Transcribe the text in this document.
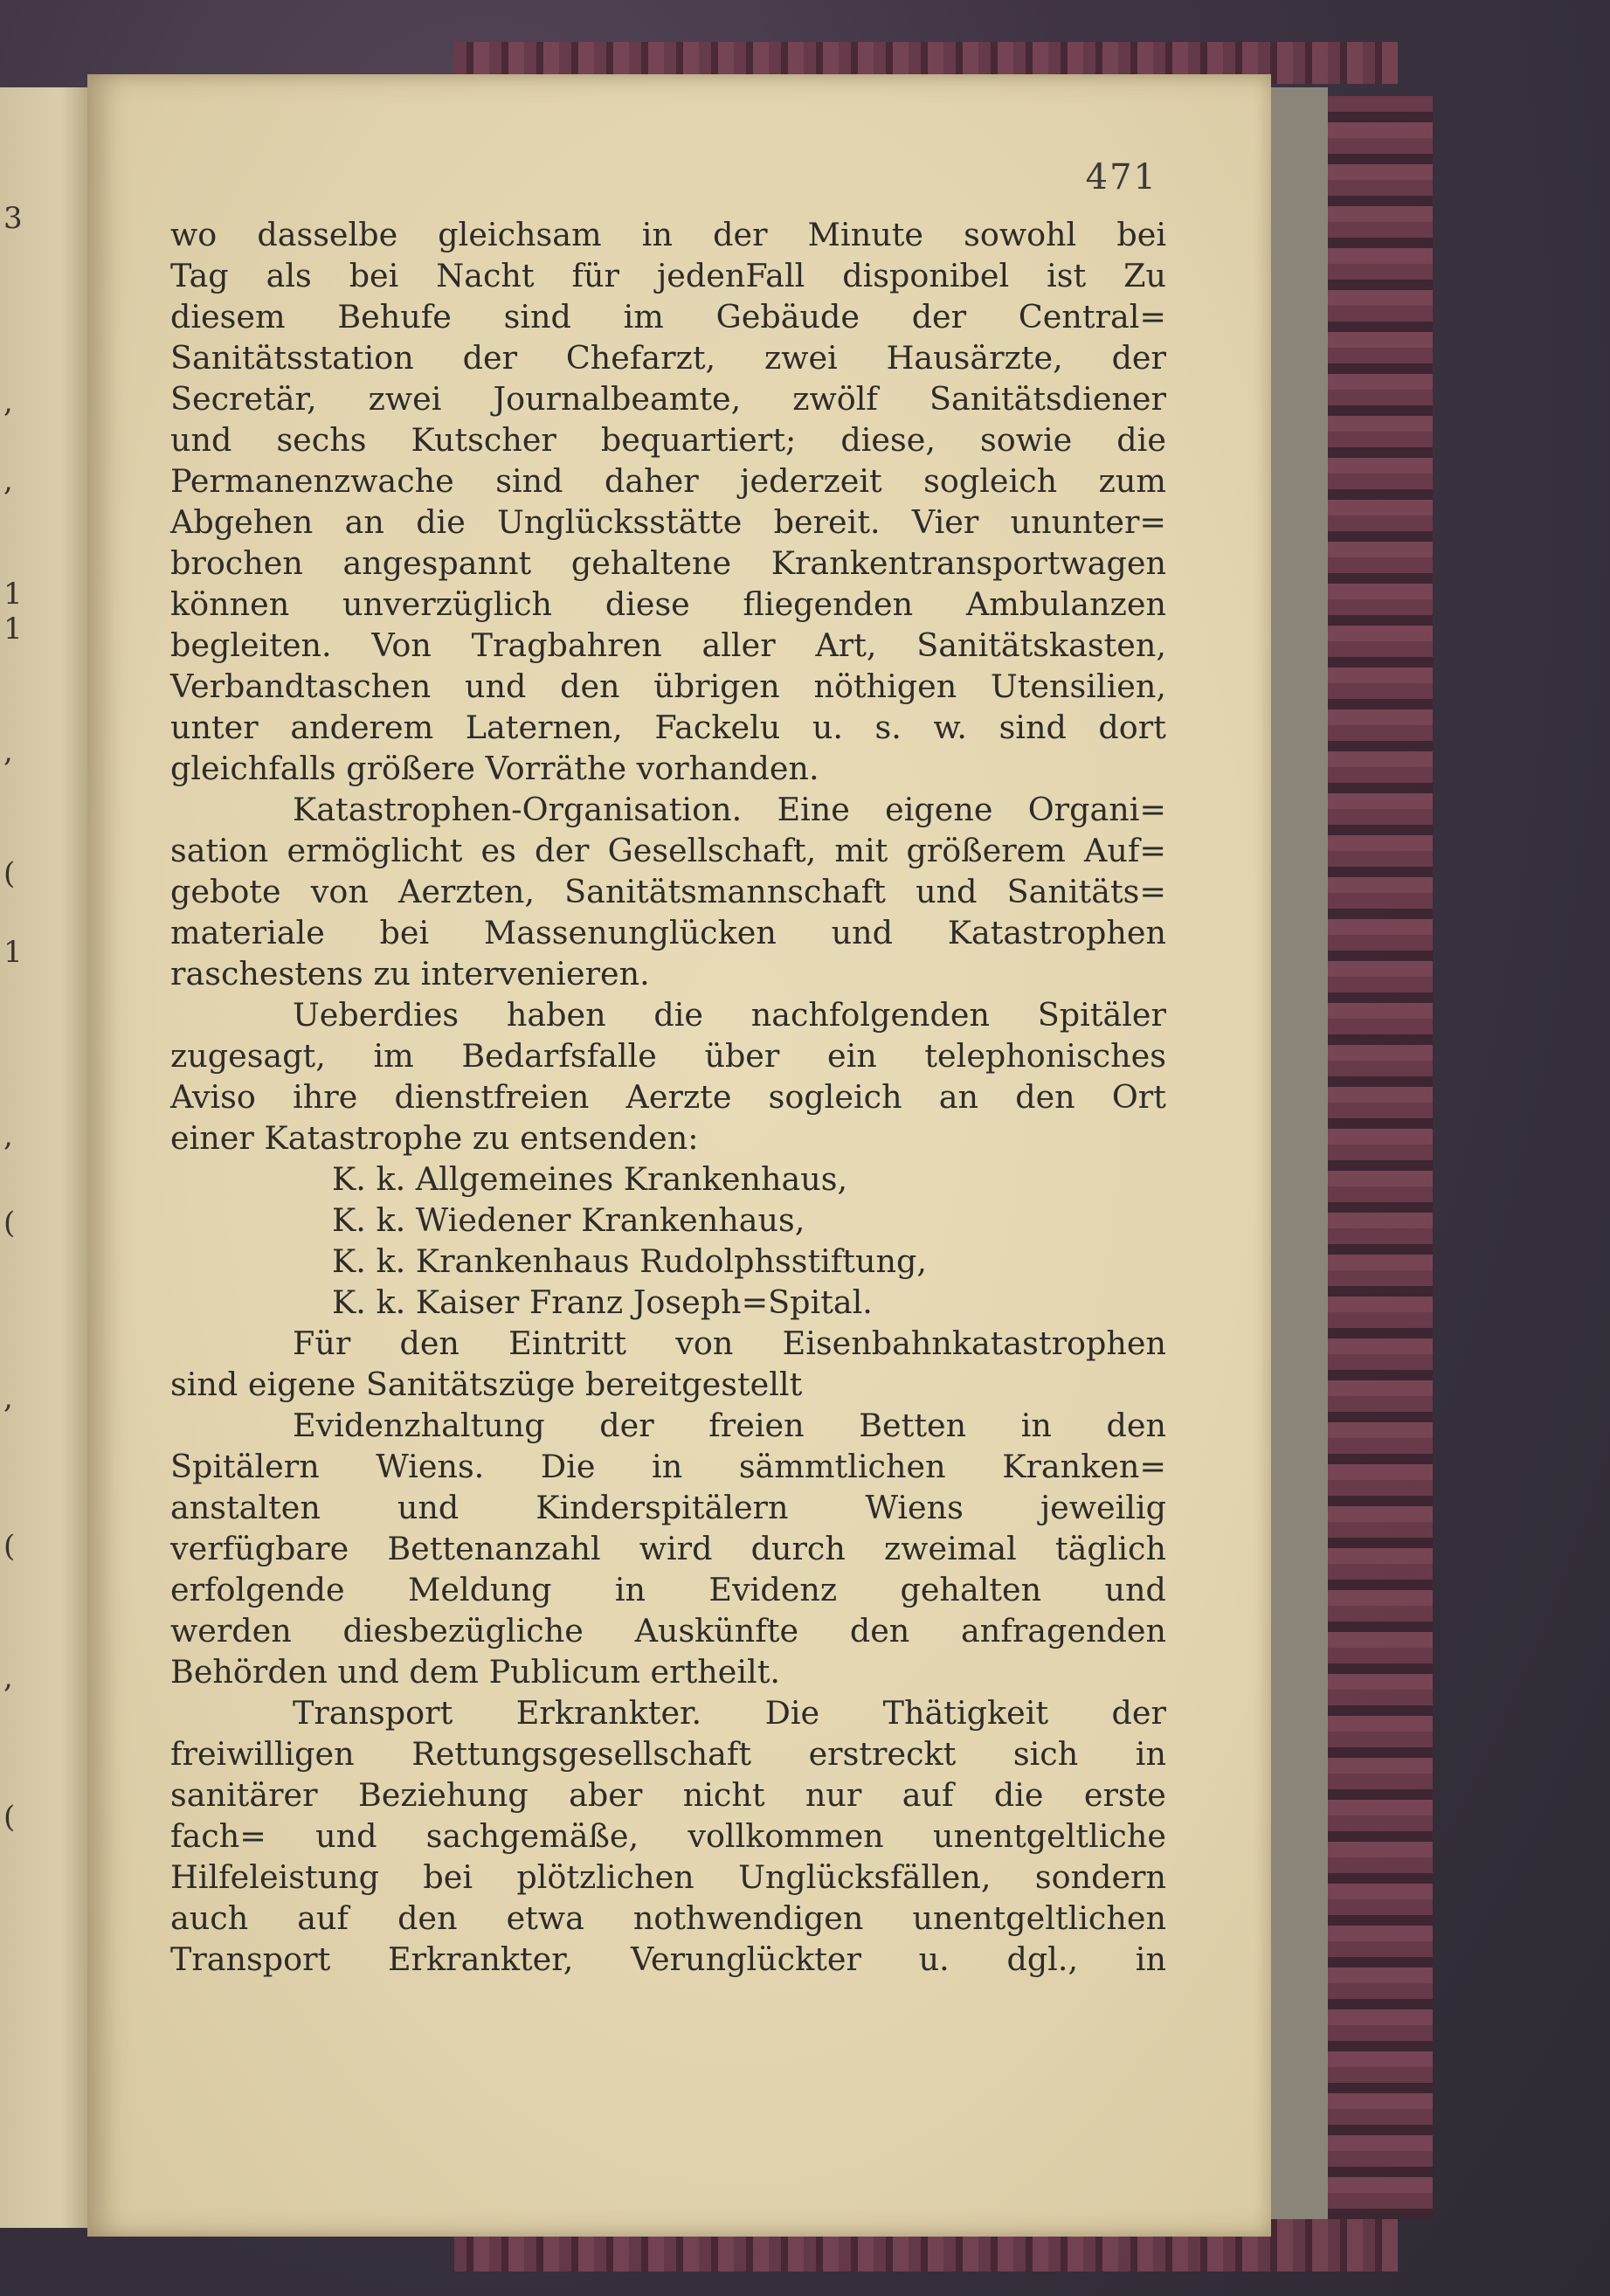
3
,
,
1
1
,
(
1
,
(
,
(
,
(
471
wo dasselbe gleichsam in der Minute sowohl bei
Tag als bei Nacht für jedenFall disponibel ist Zu
diesem Behufe sind im Gebäude der Central=
Sanitätsstation der Chefarzt, zwei Hausärzte, der
Secretär, zwei Journalbeamte, zwölf Sanitätsdiener
und sechs Kutscher bequartiert; diese, sowie die
Permanenzwache sind daher jederzeit sogleich zum
Abgehen an die Unglücksstätte bereit. Vier ununter=
brochen angespannt gehaltene Krankentransportwagen
können unverzüglich diese fliegenden Ambulanzen
begleiten. Von Tragbahren aller Art, Sanitätskasten,
Verbandtaschen und den übrigen nöthigen Utensilien,
unter anderem Laternen, Fackelu u. s. w. sind dort
gleichfalls größere Vorräthe vorhanden.
Katastrophen-Organisation. Eine eigene Organi=
sation ermöglicht es der Gesellschaft, mit größerem Auf=
gebote von Aerzten, Sanitätsmannschaft und Sanitäts=
materiale bei Massenunglücken und Katastrophen
raschestens zu intervenieren.
Ueberdies haben die nachfolgenden Spitäler
zugesagt, im Bedarfsfalle über ein telephonisches
Aviso ihre dienstfreien Aerzte sogleich an den Ort
einer Katastrophe zu entsenden:
K. k. Allgemeines Krankenhaus,
K. k. Wiedener Krankenhaus,
K. k. Krankenhaus Rudolphsstiftung,
K. k. Kaiser Franz Joseph=Spital.
Für den Eintritt von Eisenbahnkatastrophen
sind eigene Sanitätszüge bereitgestellt
Evidenzhaltung der freien Betten in den
Spitälern Wiens. Die in sämmtlichen Kranken=
anstalten und Kinderspitälern Wiens jeweilig
verfügbare Bettenanzahl wird durch zweimal täglich
erfolgende Meldung in Evidenz gehalten und
werden diesbezügliche Auskünfte den anfragenden
Behörden und dem Publicum ertheilt.
Transport Erkrankter. Die Thätigkeit der
freiwilligen Rettungsgesellschaft erstreckt sich in
sanitärer Beziehung aber nicht nur auf die erste
fach= und sachgemäße, vollkommen unentgeltliche
Hilfeleistung bei plötzlichen Unglücksfällen, sondern
auch auf den etwa nothwendigen unentgeltlichen
Transport Erkrankter, Verunglückter u. dgl., in
